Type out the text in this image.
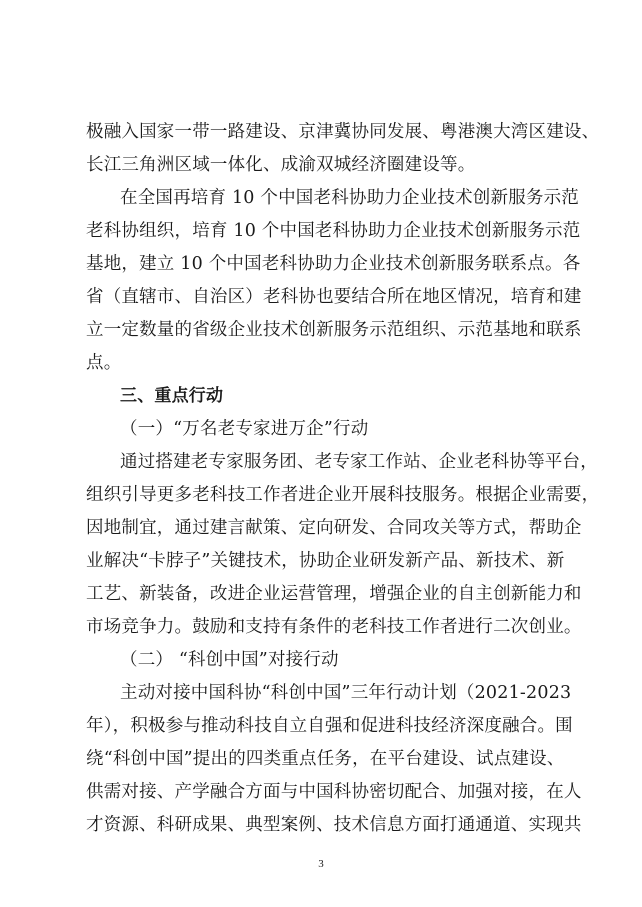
极融入国家一带一路建设、京津冀协同发展、粤港澳大湾区建设、
长江三角洲区域一体化、成渝双城经济圈建设等。
在全国再培育 10 个中国老科协助力企业技术创新服务示范
老科协组织，培育 10 个中国老科协助力企业技术创新服务示范
基地，建立 10 个中国老科协助力企业技术创新服务联系点。各
省（直辖市、自治区）老科协也要结合所在地区情况，培育和建
立一定数量的省级企业技术创新服务示范组织、示范基地和联系
点。
三、重点行动
（一）“万名老专家进万企”行动
通过搭建老专家服务团、老专家工作站、企业老科协等平台，
组织引导更多老科技工作者进企业开展科技服务。根据企业需要，
因地制宜，通过建言献策、定向研发、合同攻关等方式，帮助企
业解决“卡脖子”关键技术，协助企业研发新产品、新技术、新
工艺、新装备，改进企业运营管理，增强企业的自主创新能力和
市场竞争力。鼓励和支持有条件的老科技工作者进行二次创业。
（二） “科创中国”对接行动
主动对接中国科协“科创中国”三年行动计划（2021-2023
年），积极参与推动科技自立自强和促进科技经济深度融合。围
绕“科创中国”提出的四类重点任务，在平台建设、试点建设、
供需对接、产学融合方面与中国科协密切配合、加强对接，在人
才资源、科研成果、典型案例、技术信息方面打通通道、实现共
3
